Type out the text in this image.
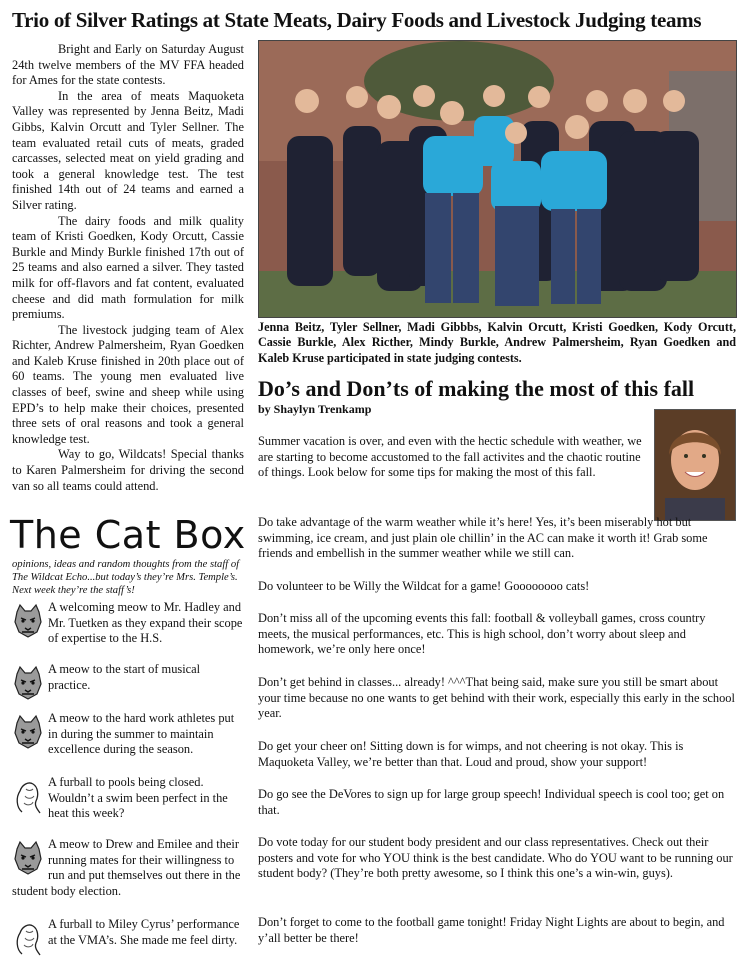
Trio of Silver Ratings at State Meats, Dairy Foods and Livestock Judging teams

Bright and Early on Saturday August 24th twelve members of the MV FFA headed for Ames for the state contests.

In the area of meats Maquoketa Valley was represented by Jenna Beitz, Madi Gibbs, Kalvin Orcutt and Tyler Sellner. The team evaluated retail cuts of meats, graded carcasses, selected meat on yield grading and took a general knowledge test. The test finished 14th out of 24 teams and earned a Silver rating.

The dairy foods and milk quality team of Kristi Goedken, Kody Orcutt, Cassie Burkle and Mindy Burkle finished 17th out of 25 teams and also earned a silver. They tasted milk for off-flavors and fat content, evaluated cheese and did math formulation for milk premiums.

The livestock judging team of Alex Richter, Andrew Palmersheim, Ryan Goedken and Kaleb Kruse finished in 20th place out of 60 teams. The young men evaluated live classes of beef, swine and sheep while using EPD’s to help make their choices, presented three sets of oral reasons and took a general knowledge test.

Way to go, Wildcats! Special thanks to Karen Palmersheim for driving the second van so all teams could attend.

The Cat Box
opinions, ideas and random thoughts from the staff of The Wildcat Echo...but today’s they’re Mrs. Temple’s. Next week they’re the staff’s!
A welcoming meow to Mr. Hadley and Mr. Tuetken as they expand their scope of expertise to the H.S.
A meow to the start of musical practice.
A meow to the hard work athletes put in during the summer to maintain excellence during the season.
A furball to pools being closed. Wouldn’t a swim been perfect in the heat this week?
A meow to Drew and Emilee and their running mates for their willingness to run and put themselves out there in the student body election.
A furball to Miley Cyrus’ performance at the VMA’s. She made me feel dirty.
Jenna Beitz, Tyler Sellner, Madi Gibbbs, Kalvin Orcutt, Kristi Goedken, Kody Orcutt, Cassie Burkle, Alex Ricther, Mindy Burkle, Andrew Palmersheim, Ryan Goedken and Kaleb Kruse participated in state judging contests.
Do’s and Don’ts of making the most of this fall
by Shaylyn Trenkamp

Summer vacation is over, and even with the hectic schedule with weather, we are starting to become accustomed to the fall activites and the chaotic routine of things. Look below for some tips for making the most of this fall.

Do take advantage of the warm weather while it’s here! Yes, it’s been miserably hot but swimming, ice cream, and just plain ole chillin’ in the AC can make it worth it! Grab some friends and embellish in the summer weather while we still can.

Do volunteer to be Willy the Wildcat for a game! Goooooooo cats!

Don’t miss all of the upcoming events this fall: football & volleyball games, cross country meets, the musical performances, etc. This is high school, don’t worry about sleep and homework, we’re only here once!

Don’t get behind in classes... already! ^^^That being said, make sure you still be smart about your time because no one wants to get behind with their work, especially this early in the school year.

Do get your cheer on! Sitting down is for wimps, and not cheering is not okay. This is Maquoketa Valley, we’re better than that. Loud and proud, show your support!

Do go see the DeVores to sign up for large group speech! Individual speech is cool too; get on that.

Do vote today for our student body president and our class representatives. Check out their posters and vote for who YOU think is the best candidate. Who do YOU want to be running our student body? (They’re both pretty awesome, so I think this one’s a win-win, guys).

Don’t forget to come to the football game tonight! Friday Night Lights are about to begin, and y’all better be there!
